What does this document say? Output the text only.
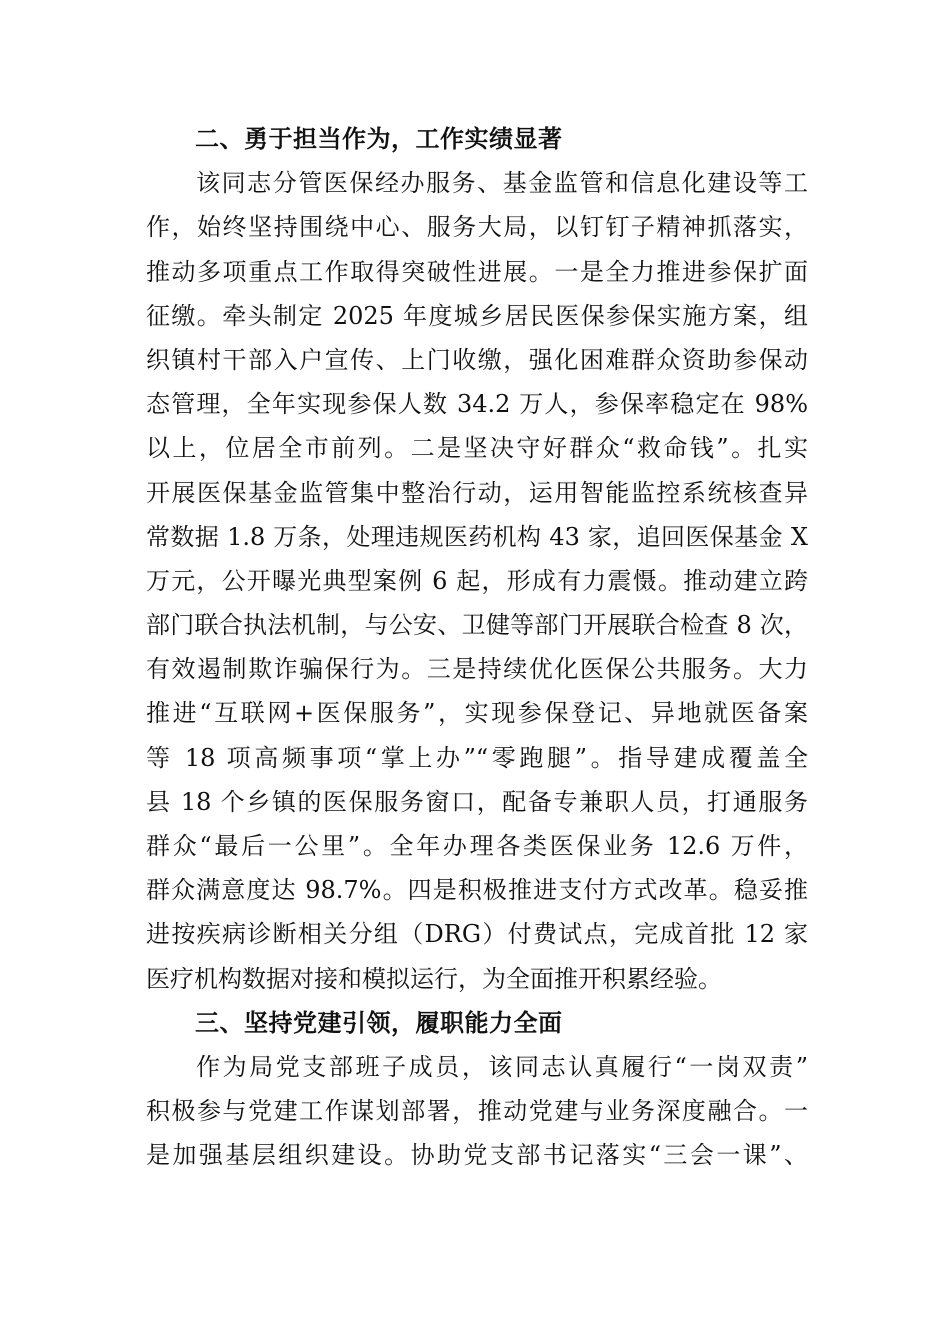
二、勇于担当作为，工作实绩显著
该同志分管医保经办服务、基金监管和信息化建设等工
作，始终坚持围绕中心、服务大局，以钉钉子精神抓落实，
推动多项重点工作取得突破性进展。一是全力推进参保扩面
征缴。牵头制定 2025 年度城乡居民医保参保实施方案，组
织镇村干部入户宣传、上门收缴，强化困难群众资助参保动
态管理，全年实现参保人数 34.2 万人，参保率稳定在 98%
以上，位居全市前列。二是坚决守好群众“救命钱”。扎实
开展医保基金监管集中整治行动，运用智能监控系统核查异
常数据 1.8 万条，处理违规医药机构 43 家，追回医保基金 X
万元，公开曝光典型案例 6 起，形成有力震慑。推动建立跨
部门联合执法机制，与公安、卫健等部门开展联合检查 8 次，
有效遏制欺诈骗保行为。三是持续优化医保公共服务。大力
推进“互联网+医保服务”，实现参保登记、异地就医备案
等 18 项高频事项“掌上办”“零跑腿”。指导建成覆盖全
县 18 个乡镇的医保服务窗口，配备专兼职人员，打通服务
群众“最后一公里”。全年办理各类医保业务 12.6 万件，
群众满意度达 98.7%。四是积极推进支付方式改革。稳妥推
进按疾病诊断相关分组（DRG）付费试点，完成首批 12 家
医疗机构数据对接和模拟运行，为全面推开积累经验。
三、坚持党建引领，履职能力全面
作为局党支部班子成员，该同志认真履行“一岗双责”
积极参与党建工作谋划部署，推动党建与业务深度融合。一
是加强基层组织建设。协助党支部书记落实“三会一课”、
